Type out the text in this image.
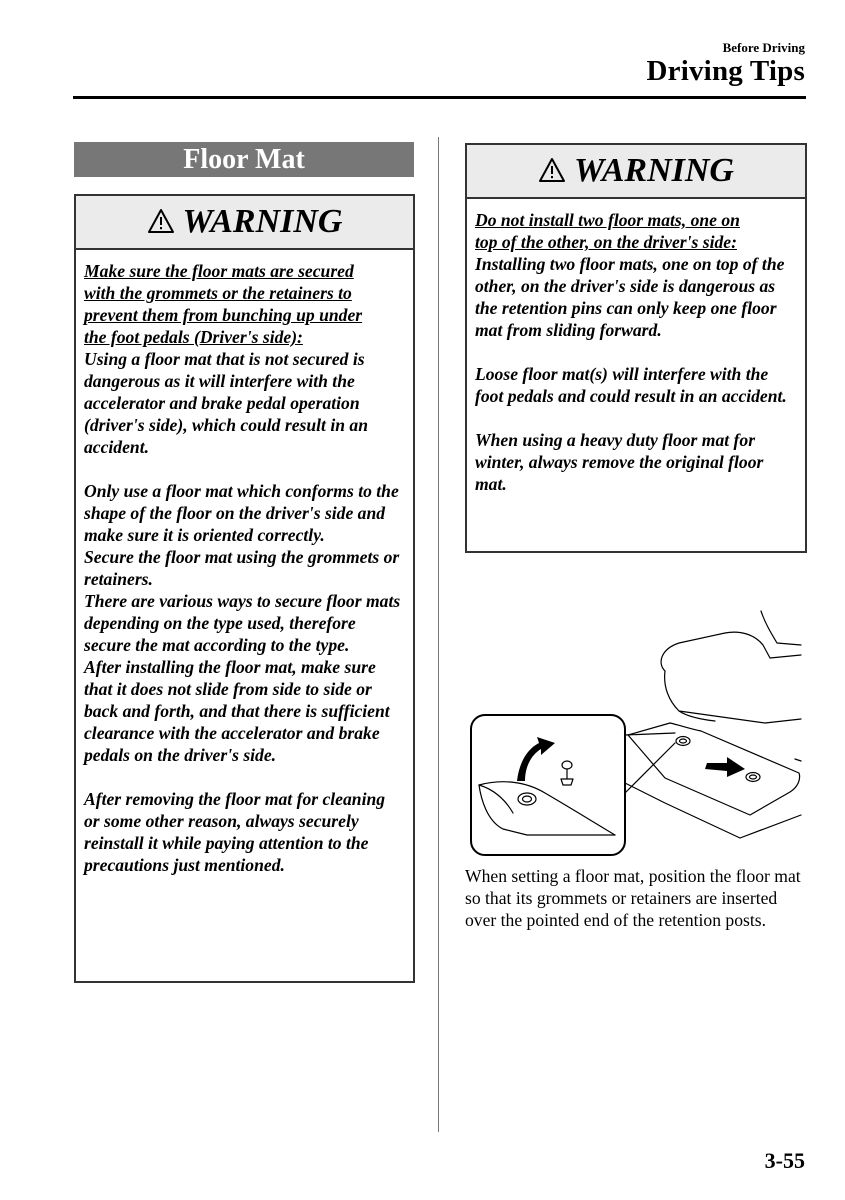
Before Driving
Driving Tips
Floor Mat
WARNING

Make sure the floor mats are secured
with the grommets or the retainers to
prevent them from bunching up under
the foot pedals (Driver's side):
Using a floor mat that is not secured is dangerous as it will interfere with the accelerator and brake pedal operation (driver's side), which could result in an accident.

Only use a floor mat which conforms to the shape of the floor on the driver's side and make sure it is oriented correctly.
Secure the floor mat using the grommets or retainers.
There are various ways to secure floor mats depending on the type used, therefore secure the mat according to the type.
After installing the floor mat, make sure that it does not slide from side to side or back and forth, and that there is sufficient clearance with the accelerator and brake pedals on the driver's side.

After removing the floor mat for cleaning or some other reason, always securely reinstall it while paying attention to the precautions just mentioned.

WARNING

Do not install two floor mats, one on
top of the other, on the driver's side:
Installing two floor mats, one on top of the other, on the driver's side is dangerous as the retention pins can only keep one floor mat from sliding forward.

Loose floor mat(s) will interfere with the foot pedals and could result in an accident.

When using a heavy duty floor mat for winter, always remove the original floor mat.

When setting a floor mat, position the floor mat so that its grommets or retainers are inserted over the pointed end of the retention posts.
3-55
